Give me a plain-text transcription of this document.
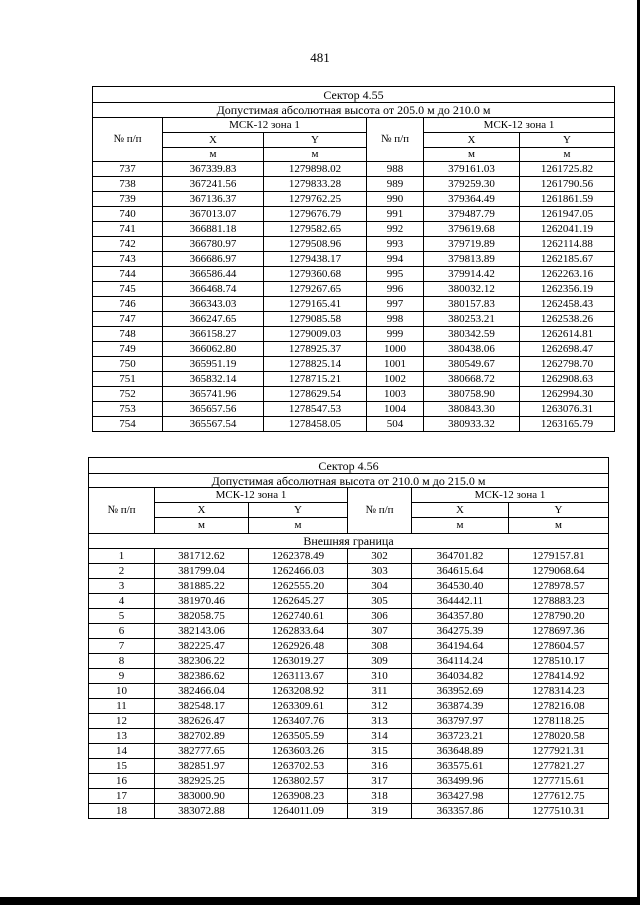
481
Сектор 4.55					
Допустимая абсолютная высота от 205.0 м до 210.0 м					
№ п/п	МСК-12 зона 1		№ п/п	МСК-12 зона 1	
	X	Y		X	Y
	м	м		м	м
737	367339.83	1279898.02	988	379161.03	1261725.82
738	367241.56	1279833.28	989	379259.30	1261790.56
739	367136.37	1279762.25	990	379364.49	1261861.59
740	367013.07	1279676.79	991	379487.79	1261947.05
741	366881.18	1279582.65	992	379619.68	1262041.19
742	366780.97	1279508.96	993	379719.89	1262114.88
743	366686.97	1279438.17	994	379813.89	1262185.67
744	366586.44	1279360.68	995	379914.42	1262263.16
745	366468.74	1279267.65	996	380032.12	1262356.19
746	366343.03	1279165.41	997	380157.83	1262458.43
747	366247.65	1279085.58	998	380253.21	1262538.26
748	366158.27	1279009.03	999	380342.59	1262614.81
749	366062.80	1278925.37	1000	380438.06	1262698.47
750	365951.19	1278825.14	1001	380549.67	1262798.70
751	365832.14	1278715.21	1002	380668.72	1262908.63
752	365741.96	1278629.54	1003	380758.90	1262994.30
753	365657.56	1278547.53	1004	380843.30	1263076.31
754	365567.54	1278458.05	504	380933.32	1263165.79
Сектор 4.56					
Допустимая абсолютная высота от 210.0 м до 215.0 м					
№ п/п	МСК-12 зона 1		№ п/п	МСК-12 зона 1	
	X	Y		X	Y
	м	м		м	м
Внешняя граница					
1	381712.62	1262378.49	302	364701.82	1279157.81
2	381799.04	1262466.03	303	364615.64	1279068.64
3	381885.22	1262555.20	304	364530.40	1278978.57
4	381970.46	1262645.27	305	364442.11	1278883.23
5	382058.75	1262740.61	306	364357.80	1278790.20
6	382143.06	1262833.64	307	364275.39	1278697.36
7	382225.47	1262926.48	308	364194.64	1278604.57
8	382306.22	1263019.27	309	364114.24	1278510.17
9	382386.62	1263113.67	310	364034.82	1278414.92
10	382466.04	1263208.92	311	363952.69	1278314.23
11	382548.17	1263309.61	312	363874.39	1278216.08
12	382626.47	1263407.76	313	363797.97	1278118.25
13	382702.89	1263505.59	314	363723.21	1278020.58
14	382777.65	1263603.26	315	363648.89	1277921.31
15	382851.97	1263702.53	316	363575.61	1277821.27
16	382925.25	1263802.57	317	363499.96	1277715.61
17	383000.90	1263908.23	318	363427.98	1277612.75
18	383072.88	1264011.09	319	363357.86	1277510.31
